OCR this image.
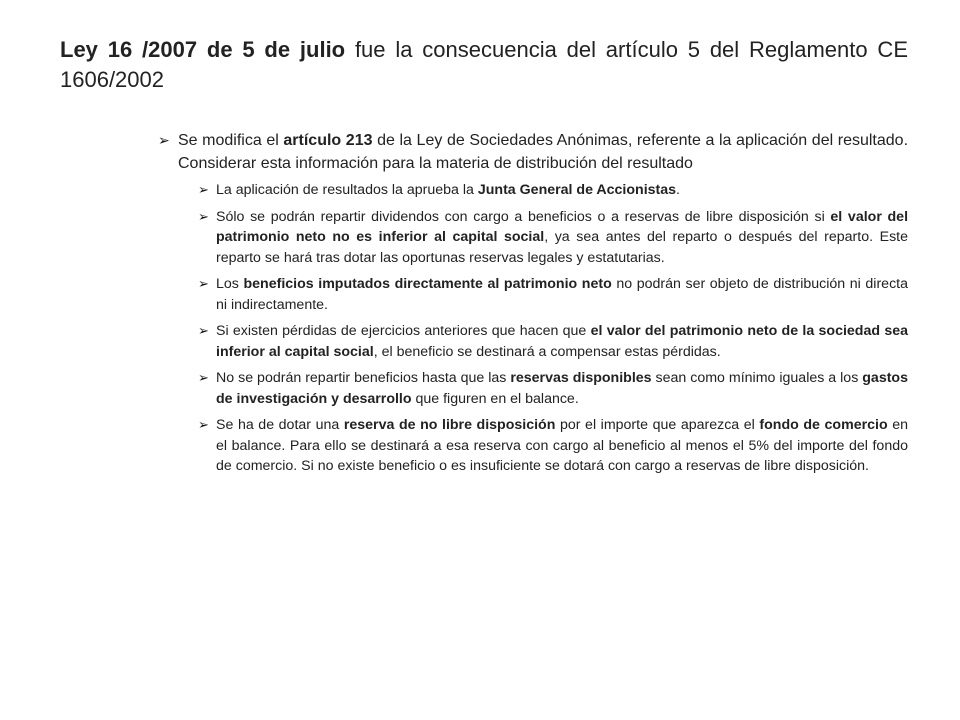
Ley 16 /2007 de 5 de julio fue la consecuencia del artículo 5 del Reglamento CE 1606/2002
➢ Se modifica el artículo 213 de la Ley de Sociedades Anónimas, referente a la aplicación del resultado. Considerar esta información para la materia de distribución del resultado
➢ La aplicación de resultados la aprueba la Junta General de Accionistas.
➢ Sólo se podrán repartir dividendos con cargo a beneficios o a reservas de libre disposición si el valor del patrimonio neto no es inferior al capital social, ya sea antes del reparto o después del reparto. Este reparto se hará tras dotar las oportunas reservas legales y estatutarias.
➢ Los beneficios imputados directamente al patrimonio neto no podrán ser objeto de distribución ni directa ni indirectamente.
➢ Si existen pérdidas de ejercicios anteriores que hacen que el valor del patrimonio neto de la sociedad sea inferior al capital social, el beneficio se destinará a compensar estas pérdidas.
➢ No se podrán repartir beneficios hasta que las reservas disponibles sean como mínimo iguales a los gastos de investigación y desarrollo que figuren en el balance.
➢ Se ha de dotar una reserva de no libre disposición por el importe que aparezca el fondo de comercio en el balance. Para ello se destinará a esa reserva con cargo al beneficio al menos el 5% del importe del fondo de comercio. Si no existe beneficio o es insuficiente se dotará con cargo a reservas de libre disposición.
